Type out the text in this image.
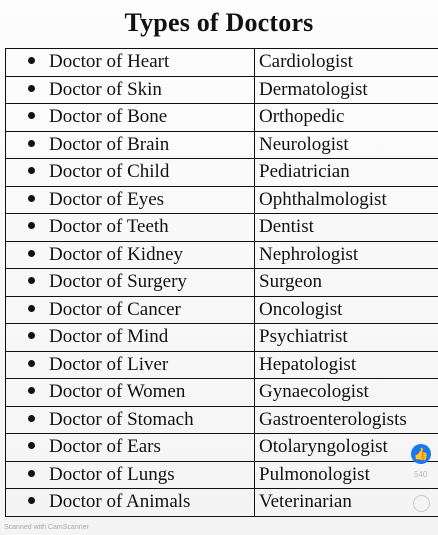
Types of Doctors
Doctor of Heart	Cardiologist
Doctor of Skin	Dermatologist
Doctor of Bone	Orthopedic
Doctor of Brain	Neurologist
Doctor of Child	Pediatrician
Doctor of Eyes	Ophthalmologist
Doctor of Teeth	Dentist
Doctor of Kidney	Nephrologist
Doctor of Surgery	Surgeon
Doctor of Cancer	Oncologist
Doctor of Mind	Psychiatrist
Doctor of Liver	Hepatologist
Doctor of Women	Gynaecologist
Doctor of Stomach	Gastroenterologists
Doctor of Ears	Otolaryngologist
Doctor of Lungs	Pulmonologist
Doctor of Animals	Veterinarian
👍
540
Scanned with CamScanner
